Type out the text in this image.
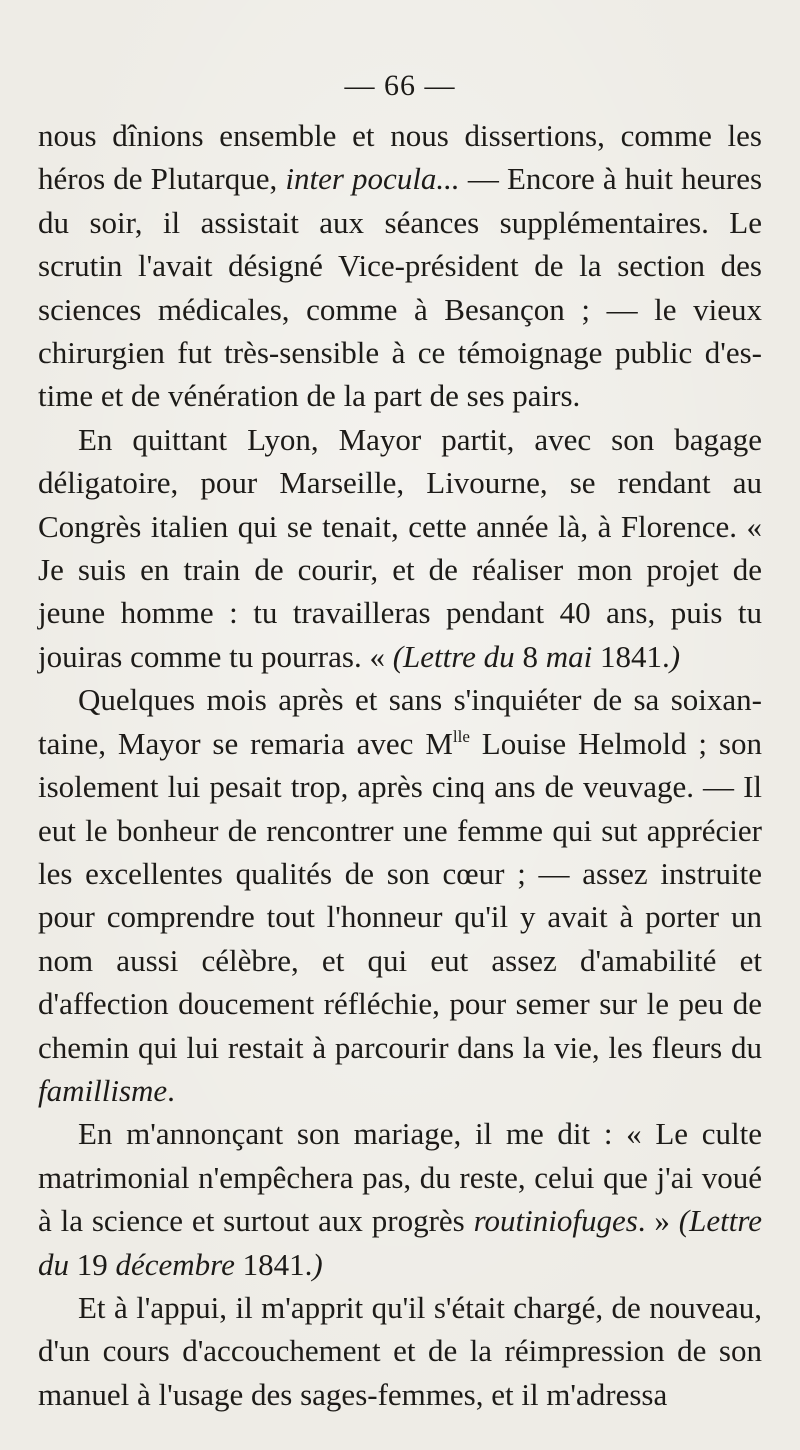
— 66 —

nous dînions ensemble et nous dissertions, comme les héros de Plutarque, inter pocula... — Encore à huit heures du soir, il assistait aux séances supplémentaires. Le scrutin l'avait désigné Vice-président de la section des sciences médicales, comme à Besançon ; — le vieux chirurgien fut très-sensible à ce témoignage public d'estime et de vénération de la part de ses pairs.

En quittant Lyon, Mayor partit, avec son bagage déligatoire, pour Marseille, Livourne, se rendant au Congrès italien qui se tenait, cette année là, à Florence. « Je suis en train de courir, et de réaliser mon projet de jeune homme : tu travailleras pendant 40 ans, puis tu jouiras comme tu pourras. « (Lettre du 8 mai 1841.)

Quelques mois après et sans s'inquiéter de sa soixantaine, Mayor se remaria avec $M^{lle}$ Louise Helmold ; son isolement lui pesait trop, après cinq ans de veuvage. — Il eut le bonheur de rencontrer une femme qui sut apprécier les excellentes qualités de son cœur ; — assez instruite pour comprendre tout l'honneur qu'il y avait à porter un nom aussi célèbre, et qui eut assez d'amabilité et d'affection doucement réfléchie, pour semer sur le peu de chemin qui lui restait à parcourir dans la vie, les fleurs du famillisme.

En m'annonçant son mariage, il me dit : « Le culte matrimonial n'empêchera pas, du reste, celui que j'ai voué à la science et surtout aux progrès routiniofuges. » (Lettre du 19 décembre 1841.)

Et à l'appui, il m'apprit qu'il s'était chargé, de nouveau, d'un cours d'accouchement et de la réimpression de son manuel à l'usage des sages-femmes, et il m'adressa
